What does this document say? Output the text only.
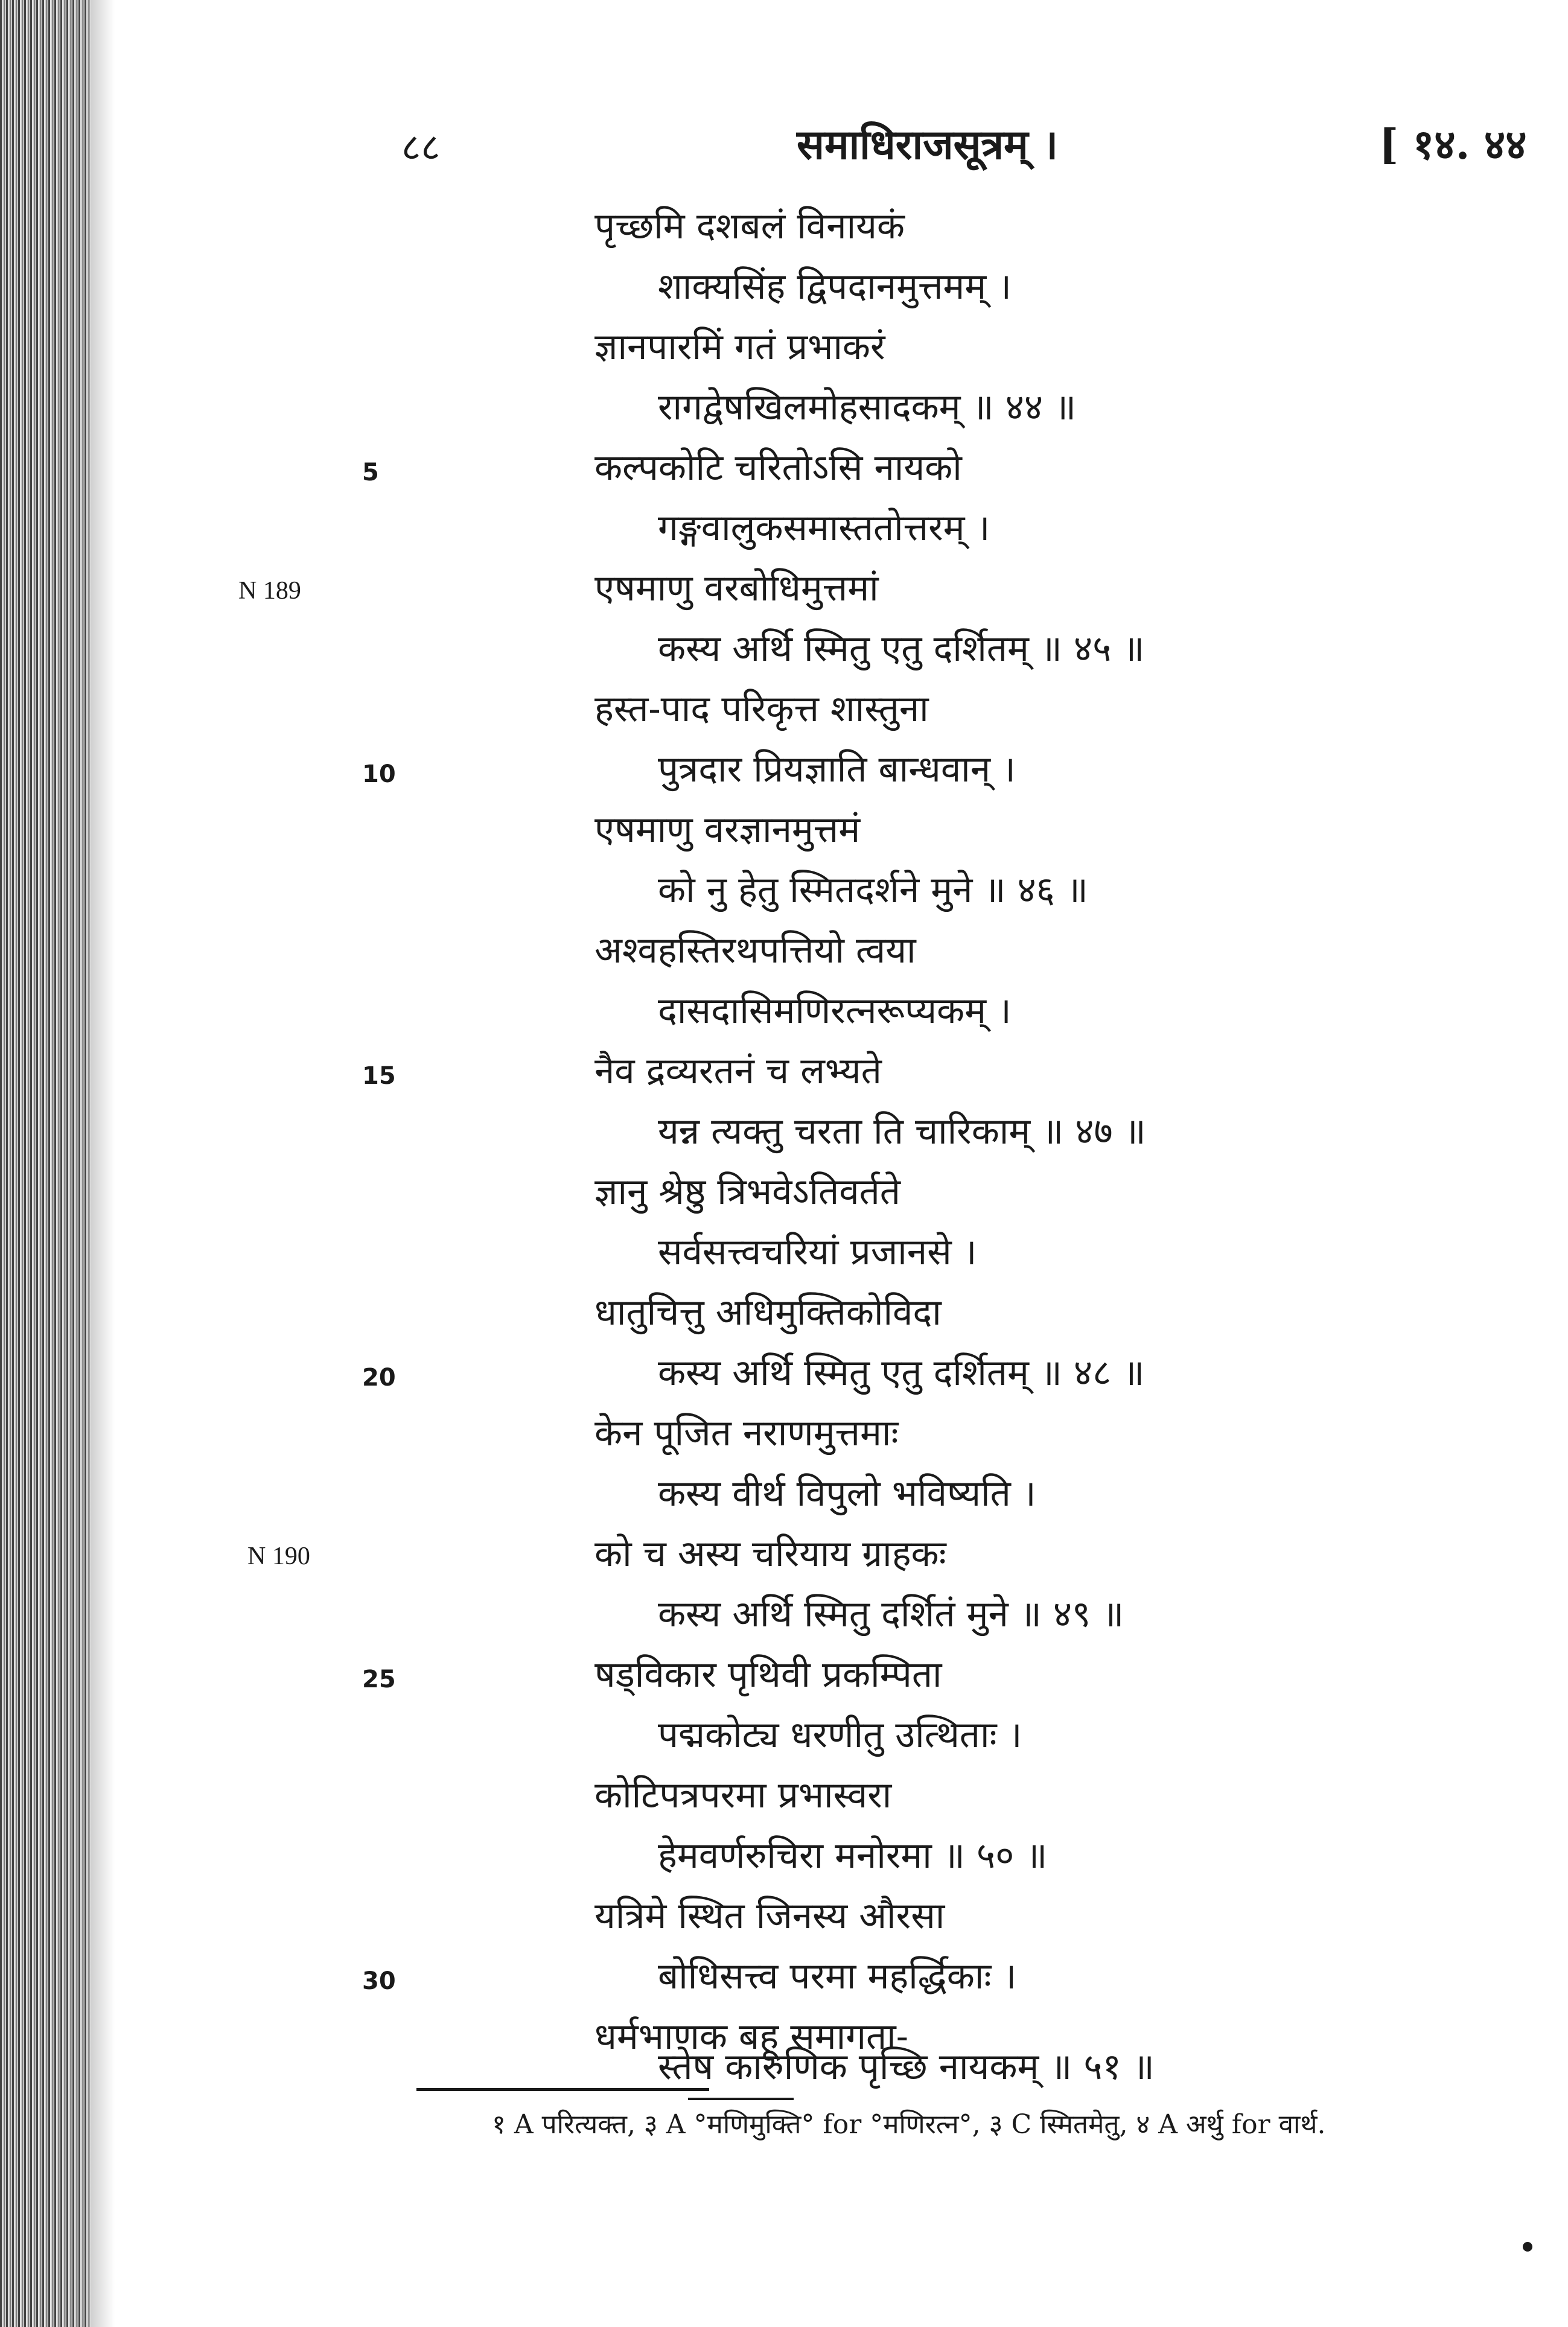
८८	समाधिराजसूत्रम् ।	[ १४. ४४
पृच्छमि दशबलं विनायकं
शाक्यसिंह द्विपदानमुत्तमम् ।
ज्ञानपारमिं गतं प्रभाकरं
रागद्वेषखिलमोहसादकम् ॥ ४४ ॥
कल्पकोटि चरितोऽसि नायको
गङ्गवालुकसमास्ततोत्तरम् ।
एषमाणु वरबोधिमुत्तमां
कस्य अर्थि स्मितु एतु दर्शितम् ॥ ४५ ॥
हस्त-पाद परिकृत्त शास्तुना
पुत्रदार प्रियज्ञाति बान्धवान् ।
एषमाणु वरज्ञानमुत्तमं
को नु हेतु स्मितदर्शने मुने ॥ ४६ ॥
अश्वहस्तिरथपत्तियो त्वया
दासदासिमणिरत्नरूप्यकम् ।
नैव द्रव्यरतनं च लभ्यते
यन्न त्यक्तु चरता ति चारिकाम् ॥ ४७ ॥
ज्ञानु श्रेष्ठु त्रिभवेऽतिवर्तते
सर्वसत्त्वचरियां प्रजानसे ।
धातुचित्तु अधिमुक्तिकोविदा
कस्य अर्थि स्मितु एतु दर्शितम् ॥ ४८ ॥
केन पूजित नराणमुत्तमाः
कस्य वीर्थ विपुलो भविष्यति ।
को च अस्य चरियाय ग्राहकः
कस्य अर्थि स्मितु दर्शितं मुने ॥ ४९ ॥
षड्विकार पृथिवी प्रकम्पिता
पद्मकोट्य धरणीतु उत्थिताः ।
कोटिपत्रपरमा प्रभास्वरा
हेमवर्णरुचिरा मनोरमा ॥ ५० ॥
यत्रिमे स्थित जिनस्य औरसा
बोधिसत्त्व परमा महर्द्धिकाः ।
धर्मभाणक बहू समागता-
स्तेष कारुणिक पृच्छि नायकम् ॥ ५१ ॥
5
10
15
20
25
30
N 189
N 190
१ A परित्यक्त, ३ A °मणिमुक्ति° for °मणिरत्न°, ३ C स्मितमेतु, ४ A अर्थु for वार्थ.
